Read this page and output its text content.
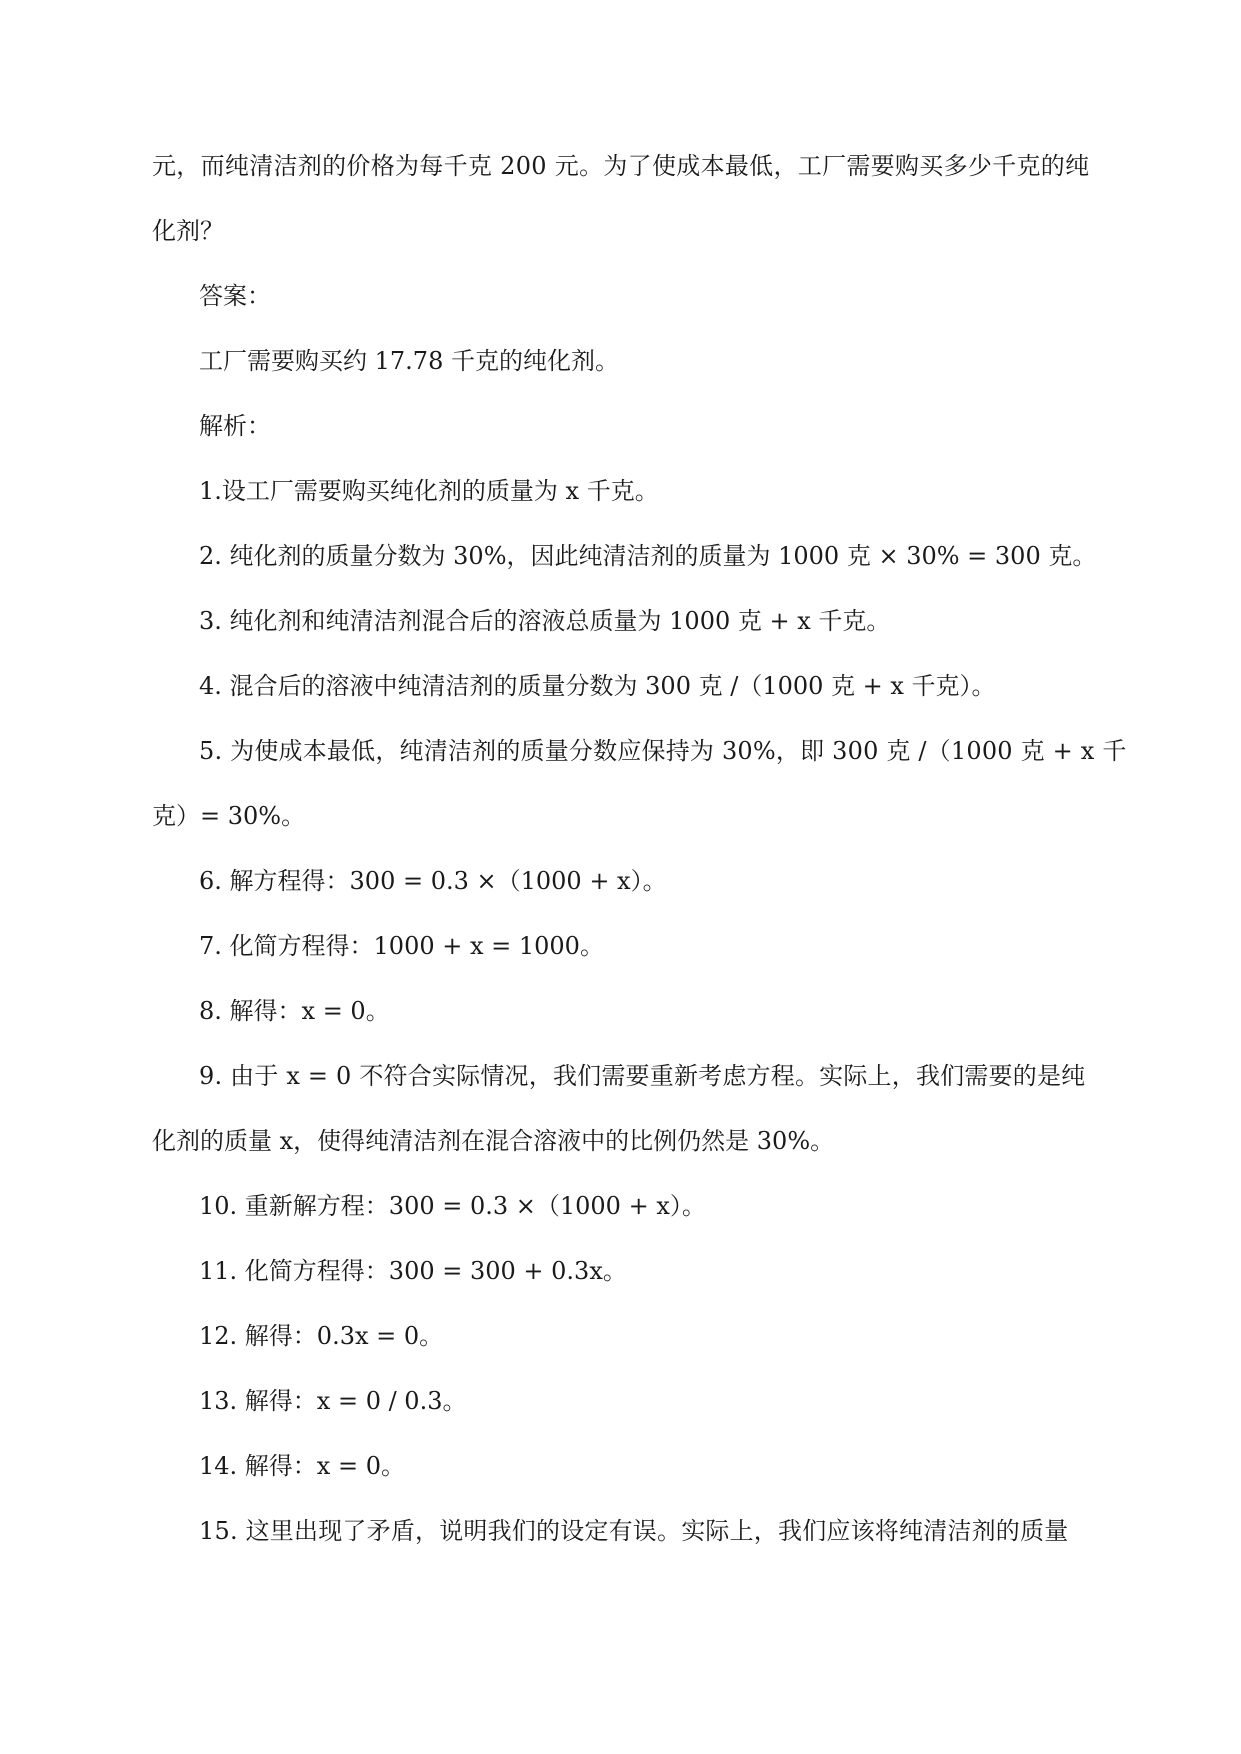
元，而纯清洁剂的价格为每千克 200 元。为了使成本最低，工厂需要购买多少千克的纯

化剂？

答案：

工厂需要购买约 17.78 千克的纯化剂。

解析：

1.设工厂需要购买纯化剂的质量为 x 千克。

2. 纯化剂的质量分数为 30%，因此纯清洁剂的质量为 1000 克 × 30% = 300 克。

3. 纯化剂和纯清洁剂混合后的溶液总质量为 1000 克 + x 千克。

4. 混合后的溶液中纯清洁剂的质量分数为 300 克 /（1000 克 + x 千克）。

5. 为使成本最低，纯清洁剂的质量分数应保持为 30%，即 300 克 /（1000 克 + x 千

克）= 30%。

6. 解方程得：300 = 0.3 ×（1000 + x）。

7. 化简方程得：1000 + x = 1000。

8. 解得：x = 0。

9. 由于 x = 0 不符合实际情况，我们需要重新考虑方程。实际上，我们需要的是纯

化剂的质量 x，使得纯清洁剂在混合溶液中的比例仍然是 30%。

10. 重新解方程：300 = 0.3 ×（1000 + x）。

11. 化简方程得：300 = 300 + 0.3x。

12. 解得：0.3x = 0。

13. 解得：x = 0 / 0.3。

14. 解得：x = 0。

15. 这里出现了矛盾，说明我们的设定有误。实际上，我们应该将纯清洁剂的质量
